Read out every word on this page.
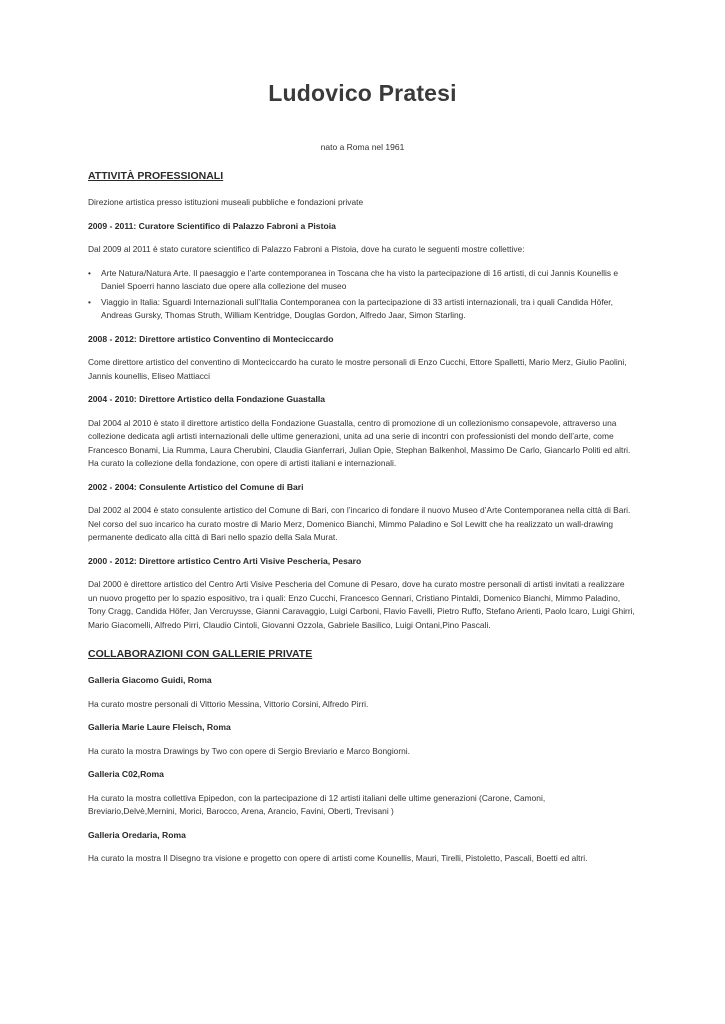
Ludovico Pratesi
nato a Roma nel 1961
ATTIVITÀ PROFESSIONALI

Direzione artistica presso istituzioni museali pubbliche e fondazioni private

2009 - 2011: Curatore Scientifico di Palazzo Fabroni a Pistoia

Dal 2009 al 2011 è stato curatore scientifico di Palazzo Fabroni a Pistoia, dove ha curato le seguenti mostre collettive:

• Arte Natura/Natura Arte. Il paesaggio e l’arte contemporanea in Toscana che ha visto la partecipazione di 16 artisti, di cui Jannis Kounellis e Daniel Spoerri hanno lasciato due opere alla collezione del museo
• Viaggio in Italia: Sguardi Internazionali sull’Italia Contemporanea con la partecipazione di 33 artisti internazionali, tra i quali Candida Höfer, Andreas Gursky, Thomas Struth, William Kentridge, Douglas Gordon, Alfredo Jaar, Simon Starling.

2008 - 2012: Direttore artistico Conventino di Monteciccardo

Come direttore artistico del conventino di Monteciccardo ha curato le mostre personali di Enzo Cucchi, Ettore Spalletti, Mario Merz, Giulio Paolini, Jannis kounellis, Eliseo Mattiacci

2004 - 2010: Direttore Artistico della Fondazione Guastalla

Dal 2004 al 2010 è stato il direttore artistico della Fondazione Guastalla, centro di promozione di un collezionismo consapevole, attraverso una collezione dedicata agli artisti internazionali delle ultime generazioni, unita ad una serie di incontri con professionisti del mondo dell’arte, come Francesco Bonami, Lia Rumma, Laura Cherubini, Claudia Gianferrari, Julian Opie, Stephan Balkenhol, Massimo De Carlo, Giancarlo Politi ed altri. Ha curato la collezione della fondazione, con opere di artisti italiani e internazionali.

2002 - 2004: Consulente Artistico del Comune di Bari

Dal 2002 al 2004 è stato consulente artistico del Comune di Bari, con l’incarico di fondare il nuovo Museo d’Arte Contemporanea nella città di Bari. Nel corso del suo incarico ha curato mostre di Mario Merz, Domenico Bianchi, Mimmo Paladino e Sol Lewitt che ha realizzato un wall-drawing permanente dedicato alla città di Bari nello spazio della Sala Murat.

2000 - 2012: Direttore artistico Centro Arti Visive Pescheria, Pesaro

Dal 2000 è direttore artistico del Centro Arti Visive Pescheria del Comune di Pesaro, dove ha curato mostre personali di artisti invitati a realizzare un nuovo progetto per lo spazio espositivo, tra i quali: Enzo Cucchi, Francesco Gennari, Cristiano Pintaldi, Domenico Bianchi, Mimmo Paladino, Tony Cragg, Candida Höfer, Jan Vercruysse, Gianni Caravaggio, Luigi Carboni, Flavio Favelli, Pietro Ruffo, Stefano Arienti, Paolo Icaro, Luigi Ghirri, Mario Giacomelli, Alfredo Pirri, Claudio Cintoli, Giovanni Ozzola, Gabriele Basilico, Luigi Ontani,Pino Pascali.

COLLABORAZIONI CON GALLERIE PRIVATE

Galleria Giacomo Guidi, Roma

Ha curato mostre personali di Vittorio Messina, Vittorio Corsini, Alfredo Pirri.

Galleria Marie Laure Fleisch, Roma

Ha curato la mostra Drawings by Two con opere di Sergio Breviario e Marco Bongiorni.

Galleria C02,Roma

Ha curato la mostra collettiva Epipedon, con la partecipazione di 12 artisti italiani delle ultime generazioni (Carone, Camoni, Breviario,Delvè,Mernini, Morici, Barocco, Arena, Arancio, Favini, Oberti, Trevisani )

Galleria Oredaria, Roma

Ha curato la mostra Il Disegno tra visione e progetto con opere di artisti come Kounellis, Mauri, Tirelli, Pistoletto, Pascali, Boetti ed altri.
